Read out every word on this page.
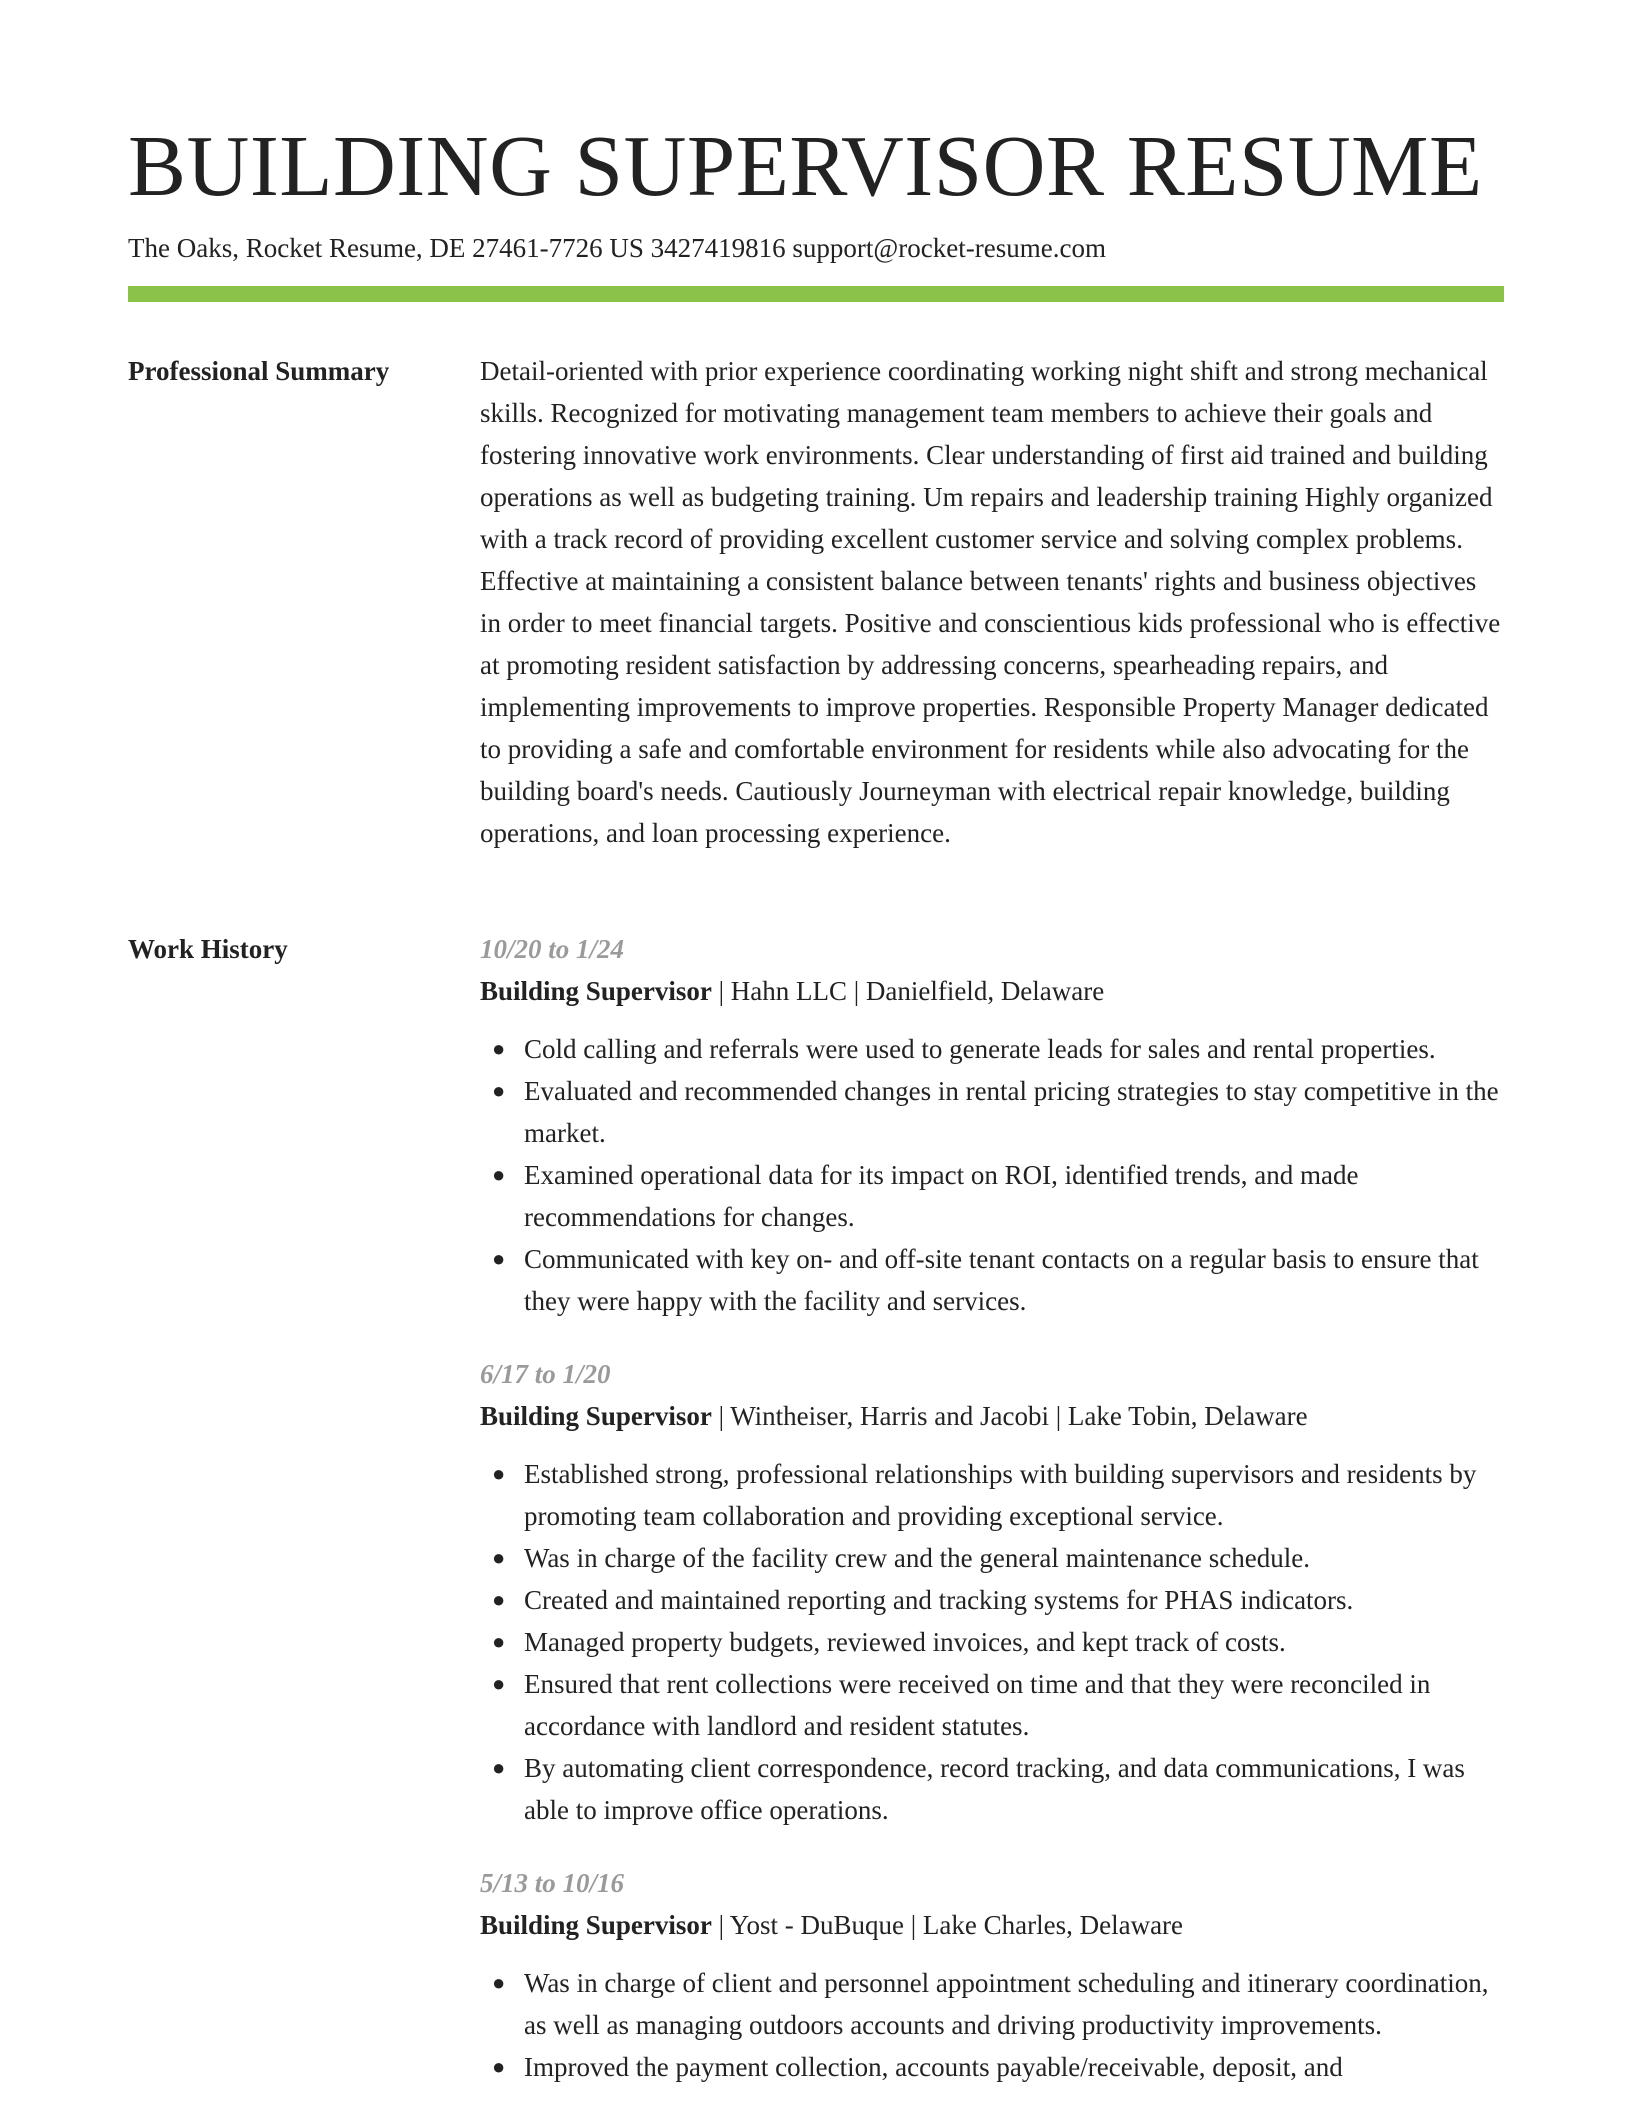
BUILDING SUPERVISOR RESUME
The Oaks, Rocket Resume, DE 27461-7726 US 3427419816 support@rocket-resume.com
Professional Summary	Detail-oriented with prior experience coordinating working night shift and strong mechanical skills. Recognized for motivating management team members to achieve their goals and fostering innovative work environments. Clear understanding of first aid trained and building operations as well as budgeting training. Um repairs and leadership training Highly organized with a track record of providing excellent customer service and solving complex problems. Effective at maintaining a consistent balance between tenants' rights and business objectives in order to meet financial targets. Positive and conscientious kids professional who is effective at promoting resident satisfaction by addressing concerns, spearheading repairs, and implementing improvements to improve properties. Responsible Property Manager dedicated to providing a safe and comfortable environment for residents while also advocating for the building board's needs. Cautiously Journeyman with electrical repair knowledge, building operations, and loan processing experience.

Work History	10/20 to 1/24
Building Supervisor | Hahn LLC | Danielfield, Delaware
● Cold calling and referrals were used to generate leads for sales and rental properties.
● Evaluated and recommended changes in rental pricing strategies to stay competitive in the market.
● Examined operational data for its impact on ROI, identified trends, and made recommendations for changes.
● Communicated with key on- and off-site tenant contacts on a regular basis to ensure that they were happy with the facility and services.
6/17 to 1/20
Building Supervisor | Wintheiser, Harris and Jacobi | Lake Tobin, Delaware
● Established strong, professional relationships with building supervisors and residents by promoting team collaboration and providing exceptional service.
● Was in charge of the facility crew and the general maintenance schedule.
● Created and maintained reporting and tracking systems for PHAS indicators.
● Managed property budgets, reviewed invoices, and kept track of costs.
● Ensured that rent collections were received on time and that they were reconciled in accordance with landlord and resident statutes.
● By automating client correspondence, record tracking, and data communications, I was able to improve office operations.
5/13 to 10/16
Building Supervisor | Yost - DuBuque | Lake Charles, Delaware
● Was in charge of client and personnel appointment scheduling and itinerary coordination, as well as managing outdoors accounts and driving productivity improvements.
● Improved the payment collection, accounts payable/receivable, deposit, and
